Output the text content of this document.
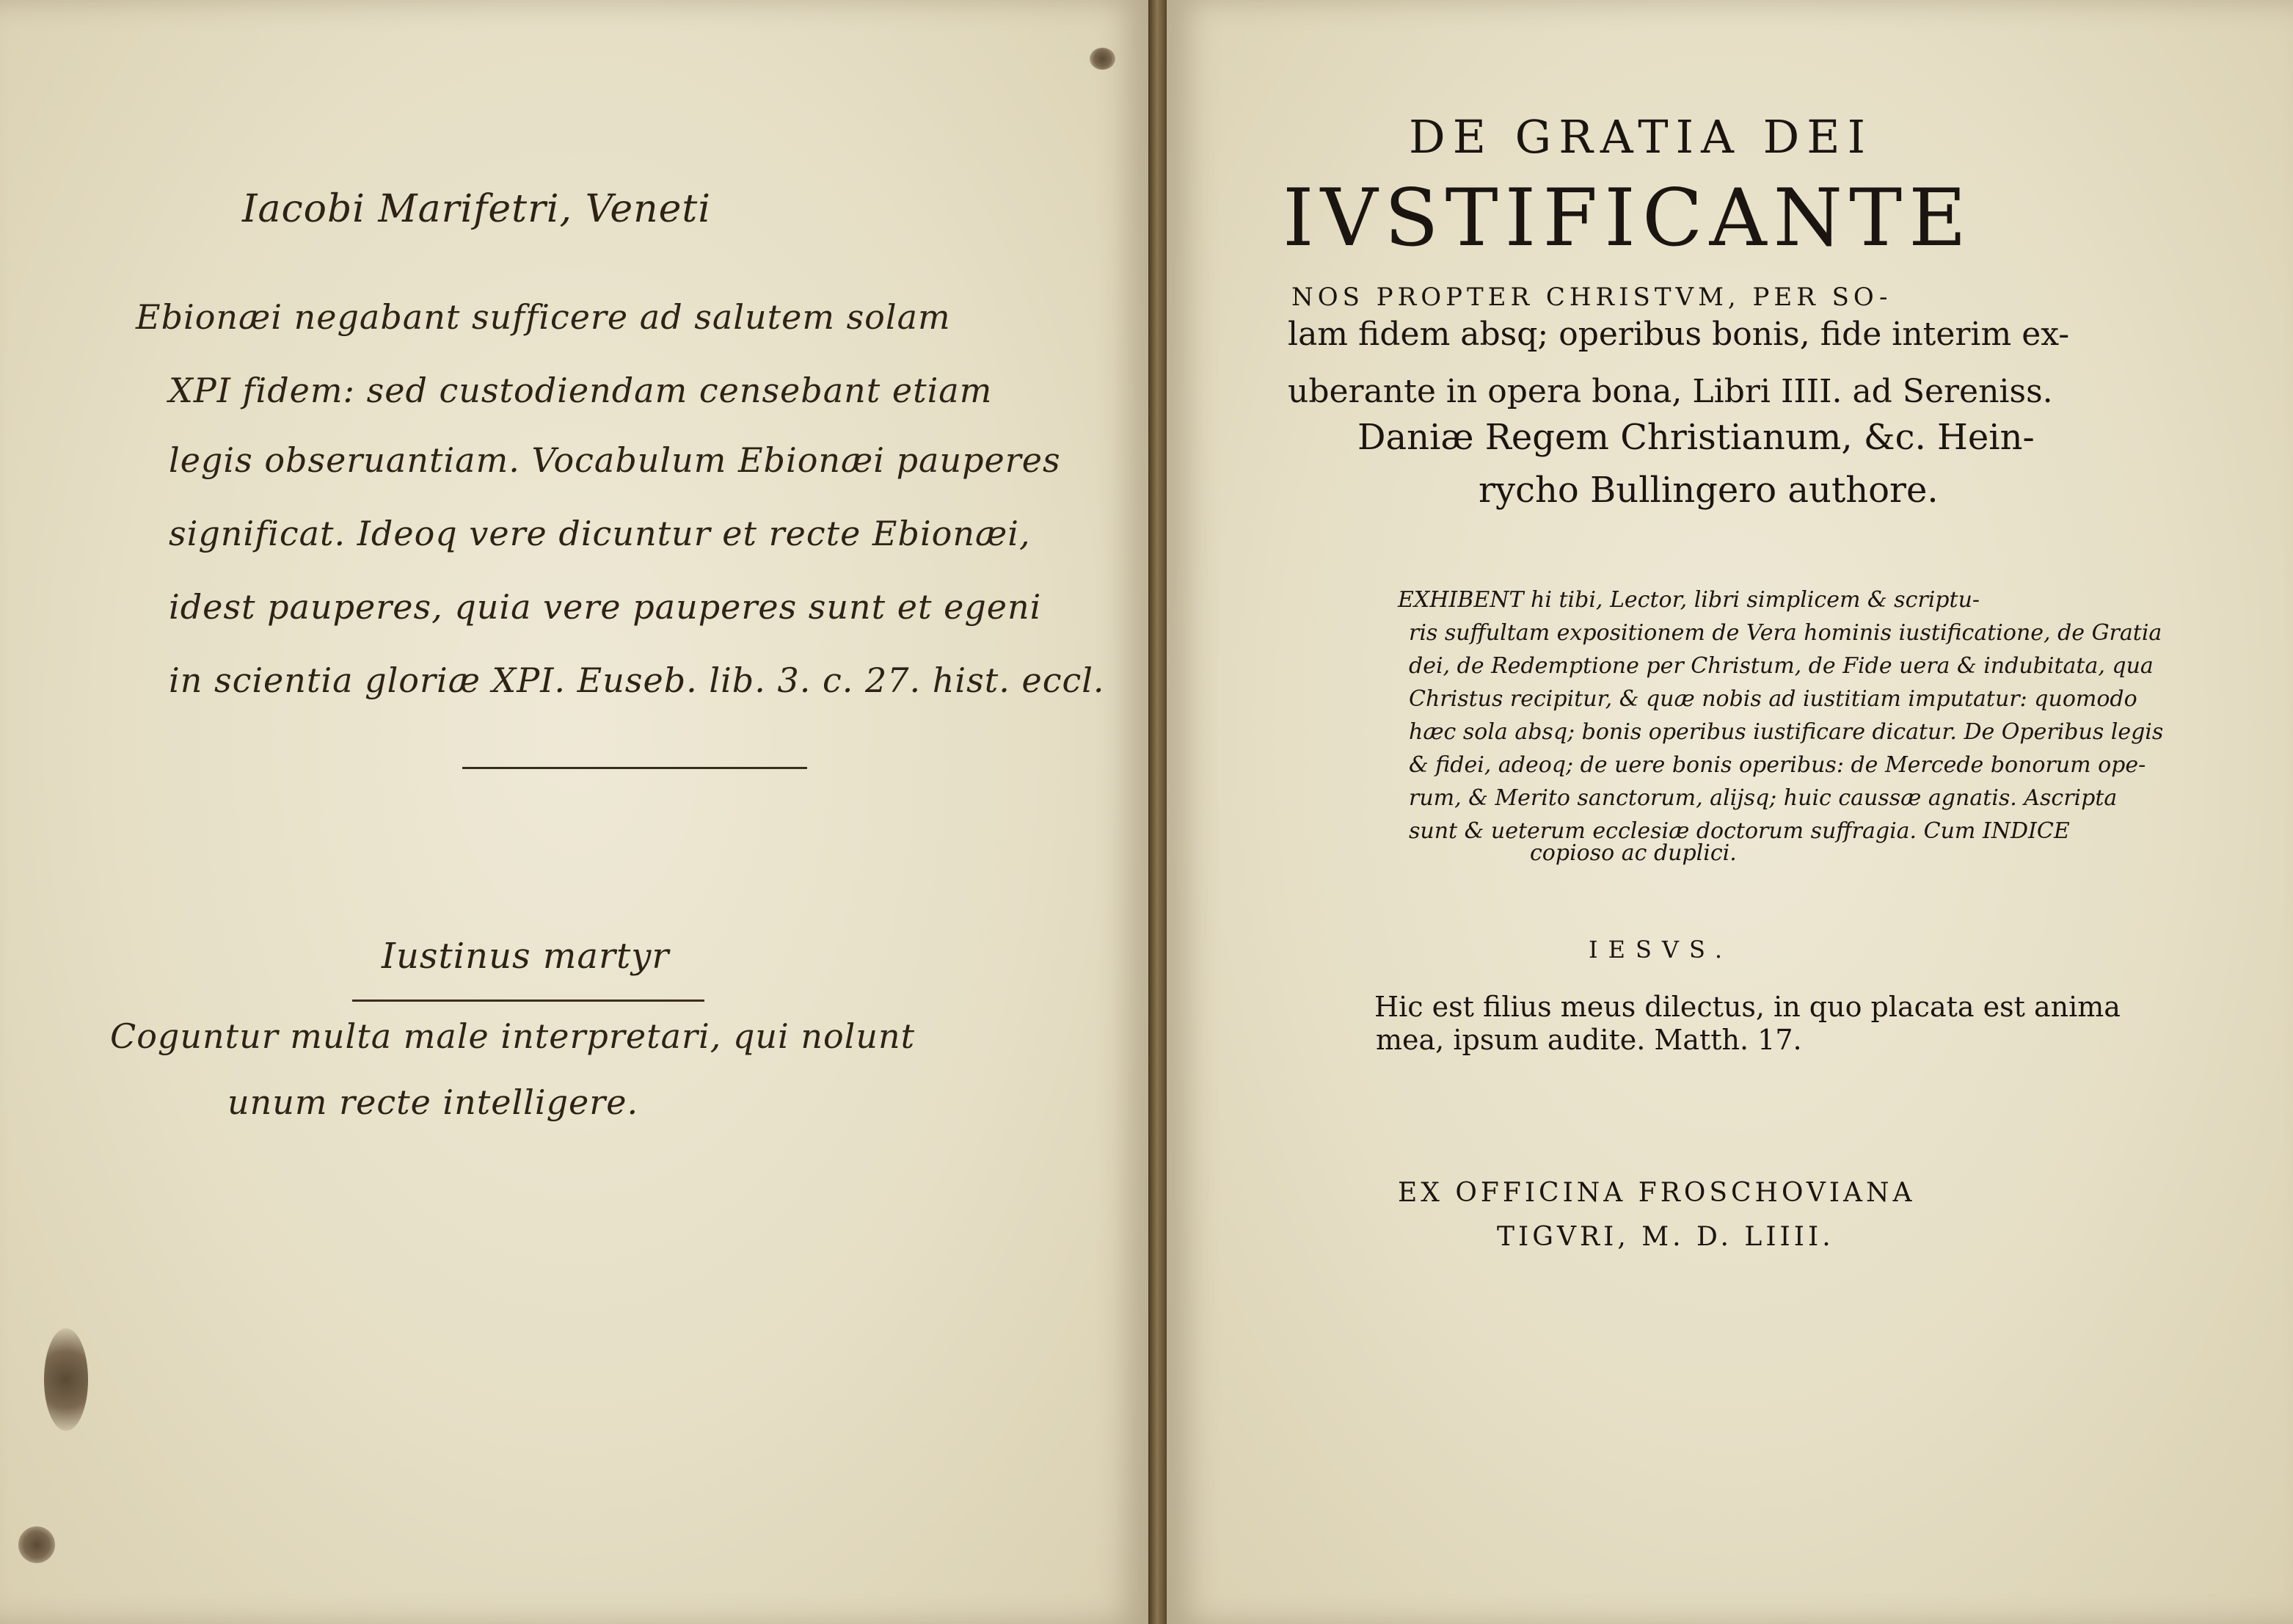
Iacobi Marifetri, Veneti
Ebionæi negabant sufficere ad salutem solam
XPI fidem: sed custodiendam censebant etiam
legis obseruantiam. Vocabulum Ebionæi pauperes
significat. Ideoq vere dicuntur et recte Ebionæi,
idest pauperes, quia vere pauperes sunt et egeni
in scientia gloriæ XPI. Euseb. lib. 3. c. 27. hist. eccl.
Iustinus martyr
Coguntur multa male interpretari, qui nolunt
unum recte intelligere.
DE GRATIA DEI
IVSTIFICANTE
NOS PROPTER CHRISTVM, PER SO-
lam fidem absq; operibus bonis, fide interim ex-
uberante in opera bona, Libri IIII. ad Sereniss.
Daniæ Regem Christianum, &c. Hein-
rycho Bullingero authore.
EXHIBENT hi tibi, Lector, libri simplicem & scriptu-
ris suffultam expositionem de Vera hominis iustificatione, de Gratia
dei, de Redemptione per Christum, de Fide uera & indubitata, qua
Christus recipitur, & quæ nobis ad iustitiam imputatur: quomodo
hæc sola absq; bonis operibus iustificare dicatur. De Operibus legis
& fidei, adeoq; de uere bonis operibus: de Mercede bonorum ope-
rum, & Merito sanctorum, alijsq; huic caussæ agnatis. Ascripta
sunt & ueterum ecclesiæ doctorum suffragia. Cum INDICE
copioso ac duplici.
IESVS.
Hic est filius meus dilectus, in quo placata est anima
mea, ipsum audite. Matth. 17.
EX OFFICINA FROSCHOVIANA
TIGVRI, M. D. LIIII.
